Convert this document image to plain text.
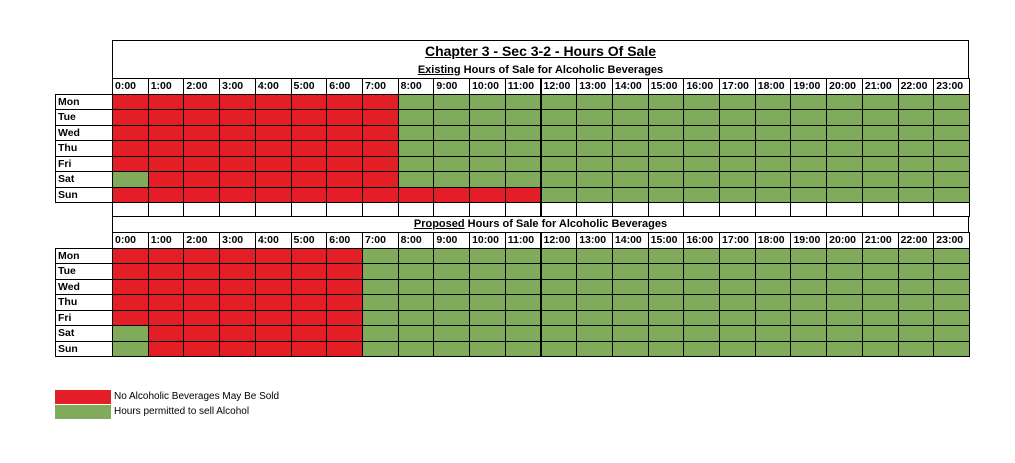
Chapter 3 - Sec 3-2 - Hours Of Sale
Existing Hours of Sale for Alcoholic Beverages
0:00	1:00	2:00	3:00	4:00	5:00	6:00	7:00	8:00	9:00	10:00 11:00 12:00 13:00 14:00 15:00 16:00 17:00 18:00 19:00 20:00 21:00 22:00 23:00
Mon
Tue
Wed
Thu
Fri
Sat
Sun
Proposed Hours of Sale for Alcoholic Beverages
0:00	1:00	2:00	3:00	4:00	5:00	6:00	7:00	8:00	9:00	10:00 11:00 12:00 13:00 14:00 15:00 16:00 17:00 18:00 19:00 20:00 21:00 22:00 23:00
Mon
Tue
Wed
Thu
Fri
Sat
Sun
No Alcoholic Beverages May Be Sold
Hours permitted to sell Alcohol
